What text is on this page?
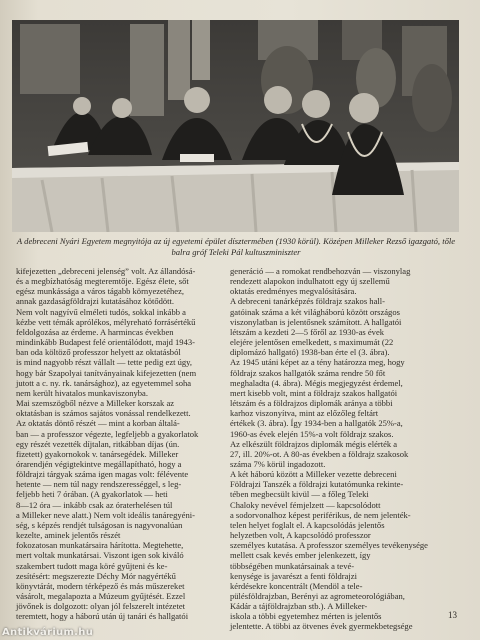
A debreceni Nyári Egyetem megnyitója az új egyetemi épület dísztermében (1930 körül). Középen Milleker Rezső igazgató, tőle balra gróf Teleki Pál kultuszminiszter

kifejezetten „debreceni jelenség” volt. Az állandósá-

és a megbízhatóság megteremtője. Egész élete, sőt

egész munkássága a város tágabb környezetéhez,

annak gazdaságföldrajzi kutatásához kötődött.

Nem volt nagyívű elméleti tudós, sokkal inkább a

kézbe vett témák aprólékos, mélyreható forrásértékű

feldolgozása az érdeme. A harmincas években

mindinkább Budapest felé orientálódott, majd 1943-

ban oda költöző professzor helyett az oktatásból

is mind nagyobb részt vállalt — tette pedig ezt úgy,

hogy bár Szapolyai tanítványainak kifejezetten (nem

jutott a c. ny. rk. tanársághoz), az egyetemmel soha

nem került hivatalos munkaviszonyba.

Mai szemszögből nézve a Milleker korszak az

oktatásban is számos sajátos vonással rendelkezett.

Az oktatás döntő részét — mint a korban általá-

ban — a professzor végezte, legfeljebb a gyakorlatok

egy részét vezették díjtalan, ritkábban díjas (ún.

fizetett) gyakornokok v. tanársegédek. Milleker

órarendjén végigtekintve megállapítható, hogy a

földrajzi tárgyak száma igen magas volt: félévente

hetente — nem túl nagy rendszerességgel, s leg-

feljebb heti 7 órában. (A gyakorlatok — heti

8—12 óra — inkább csak az óraterhelésen túl

a Milleker neve alatt.) Nem volt ideális tanáregyéni-

ség, s képzés rendjét tulságosan is nagyvonalúan

kezelte, aminek jelentős részét

fokozatosan munkatársaira hárította. Megtehette,

mert voltak munkatársai. Viszont igen sok kiváló

szakembert tudott maga köré gyűjteni és ke-

zesítésért: megszerezte Déchy Mór nagyértékű

könyvtárát, modern térképező és más műszereket

vásárolt, megalapozta a Múzeum gyűjtését. Ezzel

jövőnek is dolgozott: olyan jól felszerelt intézetet

teremtett, hogy a háború után új tanári és hallgatói

generáció — a romokat rendbehozván — viszonylag

rendezett alapokon indulhatott egy új szellemű

oktatás eredményes megvalósítására.

A debreceni tanárképzés földrajz szakos hall-

gatóinak száma a két világháború között országos

viszonylatban is jelentősnek számított. A hallgatói

létszám a kezdeti 2—5 főről az 1930-as évek

elejére jelentősen emelkedett, s maximumát (22

diplomázó hallgató) 1938-ban érte el (3. ábra).

Az 1945 utáni képet az a tény határozza meg, hogy

földrajz szakos hallgatók száma rendre 50 főt

meghaladta (4. ábra). Mégis megjegyzést érdemel,

mert kisebb volt, mint a földrajz szakos hallgatói

létszám és a földrajzos diplomák aránya a többi

karhoz viszonyítva, mint az előzőleg feltárt

értékek (3. ábra). Így 1934-ben a hallgatók 25%-a,

1960-as évek elején 15%-a volt földrajz szakos.

Az elkészült földrajzos diplomák mégis elérték a

27, ill. 20%-ot. A 80-as években a földrajz szakosok

száma 7% körül ingadozott.

A két háború között a Milleker vezette debreceni

Földrajzi Tanszék a földrajzi kutatómunka rekinte-

tében megbecsült kivül — a főleg Teleki

Chaloky nevével fémjelzett — kapcsolódott

a sodorvonalhoz képest periférikus, de nem jelenték-

telen helyet foglalt el. A kapcsolódás jelentős

helyzetben volt, A kapcsolódó professzor

személyes kutatása. A professzor személyes tevékenysége

mellett csak kevés ember jelenkezett, így

többségében munkatársainak a tevé-

kenysége is javarészt a fenti földrajzi

kérdésekre koncentrált (Mendöl a tele-

pülésföldrajzban, Berényi az agrometeorológiában,

Kádár a tájföldrajzban stb.). A Milleker-

iskola a többi egyetemhez mérten is jelentős

jelentette. A többi az ötvenes évek gyermekbetegsége

13
Antikvárium.hu
